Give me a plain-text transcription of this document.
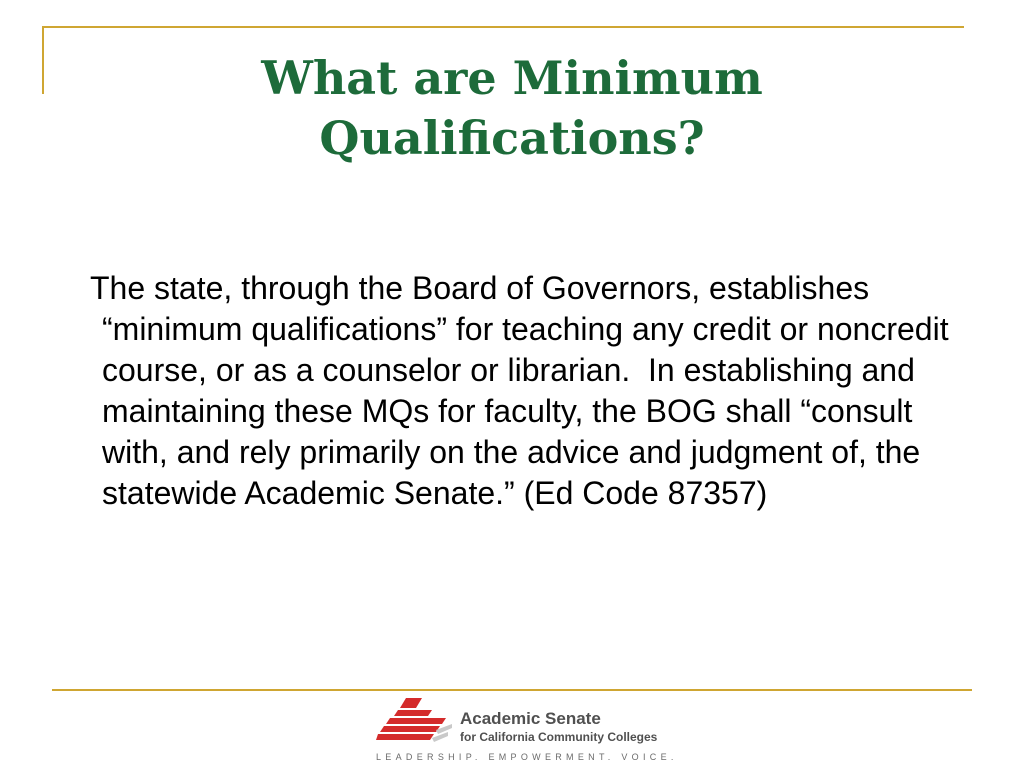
What are Minimum
Qualifications?

The state, through the Board of Governors, establishes “minimum qualifications” for teaching any credit or noncredit course, or as a counselor or librarian.  In establishing and maintaining these MQs for faculty, the BOG shall “consult with, and rely primarily on the advice and judgment of, the statewide Academic Senate.” (Ed Code 87357)

Academic Senate
for California Community Colleges
LEADERSHIP. EMPOWERMENT. VOICE.
